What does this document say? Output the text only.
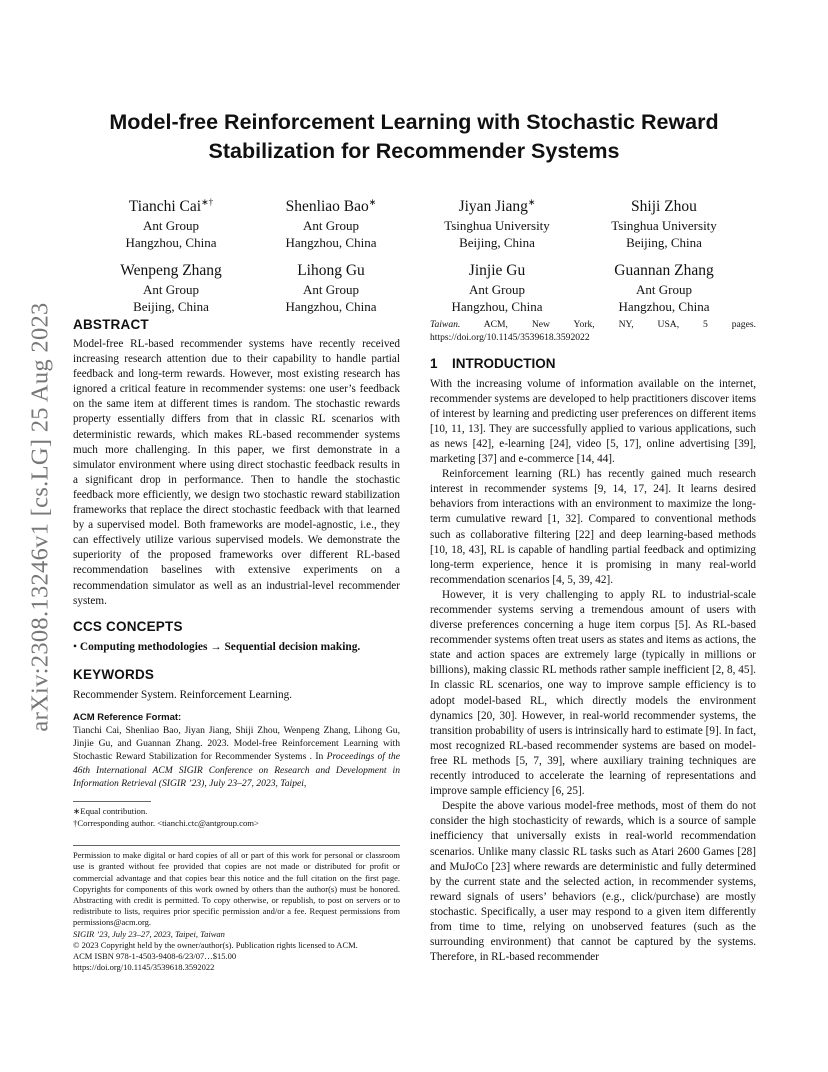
arXiv:2308.13246v1 [cs.LG] 25 Aug 2023
Model-free Reinforcement Learning with Stochastic Reward
Stabilization for Recommender Systems
Tianchi Cai∗†
Ant Group
Hangzhou, China
Shenliao Bao∗
Ant Group
Hangzhou, China
Jiyan Jiang∗
Tsinghua University
Beijing, China
Shiji Zhou
Tsinghua University
Beijing, China
Wenpeng Zhang
Ant Group
Beijing, China
Lihong Gu
Ant Group
Hangzhou, China
Jinjie Gu
Ant Group
Hangzhou, China
Guannan Zhang
Ant Group
Hangzhou, China
ABSTRACT

Model-free RL-based recommender systems have recently received increasing research attention due to their capability to handle partial feedback and long-term rewards. However, most existing research has ignored a critical feature in recommender systems: one user’s feedback on the same item at different times is random. The stochastic rewards property essentially differs from that in classic RL scenarios with deterministic rewards, which makes RL-based recommender systems much more challenging. In this paper, we first demonstrate in a simulator environment where using direct stochastic feedback results in a significant drop in performance. Then to handle the stochastic feedback more efficiently, we design two stochastic reward stabilization frameworks that replace the direct stochastic feedback with that learned by a supervised model. Both frameworks are model-agnostic, i.e., they can effectively utilize various supervised models. We demonstrate the superiority of the proposed frameworks over different RL-based recommendation baselines with extensive experiments on a recommendation simulator as well as an industrial-level recommender system.

CCS CONCEPTS

• Computing methodologies → Sequential decision making.

KEYWORDS

Recommender System. Reinforcement Learning.

ACM Reference Format:

Tianchi Cai, Shenliao Bao, Jiyan Jiang, Shiji Zhou, Wenpeng Zhang, Lihong Gu, Jinjie Gu, and Guannan Zhang. 2023. Model-free Reinforcement Learning with Stochastic Reward Stabilization for Recommender Systems . In Proceedings of the 46th International ACM SIGIR Conference on Research and Development in Information Retrieval (SIGIR ’23), July 23–27, 2023, Taipei,

∗Equal contribution.

†Corresponding author. <tianchi.ctc@antgroup.com>

Permission to make digital or hard copies of all or part of this work for personal or classroom use is granted without fee provided that copies are not made or distributed for profit or commercial advantage and that copies bear this notice and the full citation on the first page. Copyrights for components of this work owned by others than the author(s) must be honored. Abstracting with credit is permitted. To copy otherwise, or republish, to post on servers or to redistribute to lists, requires prior specific permission and/or a fee. Request permissions from permissions@acm.org.

SIGIR ’23, July 23–27, 2023, Taipei, Taiwan

© 2023 Copyright held by the owner/author(s). Publication rights licensed to ACM.

ACM ISBN 978-1-4503-9408-6/23/07…$15.00

https://doi.org/10.1145/3539618.3592022

Taiwan. ACM, New York, NY, USA, 5 pages. https://doi.org/10.1145/3539618.3592022

1 INTRODUCTION

With the increasing volume of information available on the internet, recommender systems are developed to help practitioners discover items of interest by learning and predicting user preferences on different items [10, 11, 13]. They are successfully applied to various applications, such as news [42], e-learning [24], video [5, 17], online advertising [39], marketing [37] and e-commerce [14, 44].

Reinforcement learning (RL) has recently gained much research interest in recommender systems [9, 14, 17, 24]. It learns desired behaviors from interactions with an environment to maximize the long-term cumulative reward [1, 32]. Compared to conventional methods such as collaborative filtering [22] and deep learning-based methods [10, 18, 43], RL is capable of handling partial feedback and optimizing long-term experience, hence it is promising in many real-world recommendation scenarios [4, 5, 39, 42].

However, it is very challenging to apply RL to industrial-scale recommender systems serving a tremendous amount of users with diverse preferences concerning a huge item corpus [5]. As RL-based recommender systems often treat users as states and items as actions, the state and action spaces are extremely large (typically in millions or billions), making classic RL methods rather sample inefficient [2, 8, 45]. In classic RL scenarios, one way to improve sample efficiency is to adopt model-based RL, which directly models the environment dynamics [20, 30]. However, in real-world recommender systems, the transition probability of users is intrinsically hard to estimate [9]. In fact, most recognized RL-based recommender systems are based on model-free RL methods [5, 7, 39], where auxiliary training techniques are recently introduced to accelerate the learning of representations and improve sample efficiency [6, 25].

Despite the above various model-free methods, most of them do not consider the high stochasticity of rewards, which is a source of sample inefficiency that universally exists in real-world recommendation scenarios. Unlike many classic RL tasks such as Atari 2600 Games [28] and MuJoCo [23] where rewards are deterministic and fully determined by the current state and the selected action, in recommender systems, reward signals of users’ behaviors (e.g., click/purchase) are mostly stochastic. Specifically, a user may respond to a given item differently from time to time, relying on unobserved features (such as the surrounding environment) that cannot be captured by the systems. Therefore, in RL-based recommender
